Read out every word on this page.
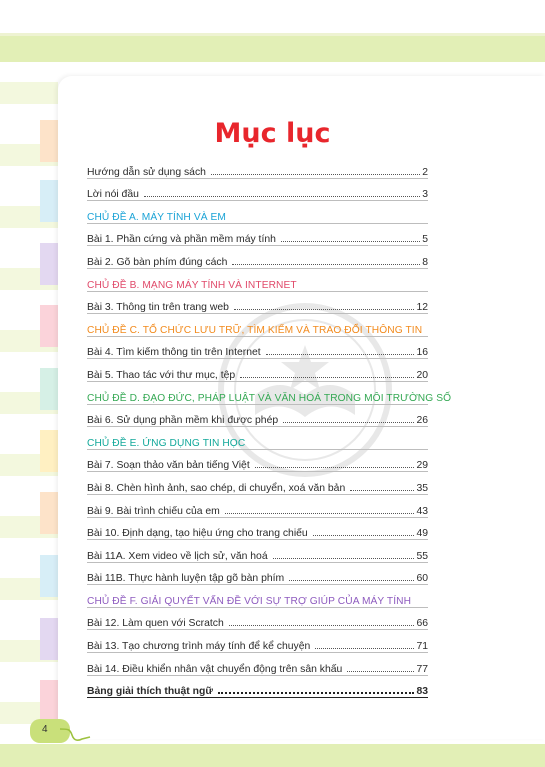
4
Mục lục
Hướng dẫn sử dụng sách	2
Lời nói đầu	3
CHỦ ĐỀ A. MÁY TÍNH VÀ EM
Bài 1. Phần cứng và phần mềm máy tính	5
Bài 2. Gõ bàn phím đúng cách	8
CHỦ ĐỀ B. MẠNG MÁY TÍNH VÀ INTERNET
Bài 3. Thông tin trên trang web	12
CHỦ ĐỀ C. TỔ CHỨC LƯU TRỮ, TÌM KIẾM VÀ TRAO ĐỔI THÔNG TIN
Bài 4. Tìm kiếm thông tin trên Internet	16
Bài 5. Thao tác với thư mục, tệp	20
CHỦ ĐỀ D. ĐẠO ĐỨC, PHÁP LUẬT VÀ VĂN HOÁ TRONG MÔI TRƯỜNG SỐ
Bài 6. Sử dụng phần mềm khi được phép	26
CHỦ ĐỀ E. ỨNG DỤNG TIN HỌC
Bài 7. Soạn thảo văn bản tiếng Việt	29
Bài 8. Chèn hình ảnh, sao chép, di chuyển, xoá văn bản	35
Bài 9. Bài trình chiếu của em	43
Bài 10. Định dạng, tạo hiệu ứng cho trang chiếu	49
Bài 11A. Xem video về lịch sử, văn hoá	55
Bài 11B. Thực hành luyện tập gõ bàn phím	60
CHỦ ĐỀ F. GIẢI QUYẾT VẤN ĐỀ VỚI SỰ TRỢ GIÚP CỦA MÁY TÍNH
Bài 12. Làm quen với Scratch	66
Bài 13. Tạo chương trình máy tính để kể chuyện	71
Bài 14. Điều khiển nhân vật chuyển động trên sân khấu	77
Bảng giải thích thuật ngữ	83
